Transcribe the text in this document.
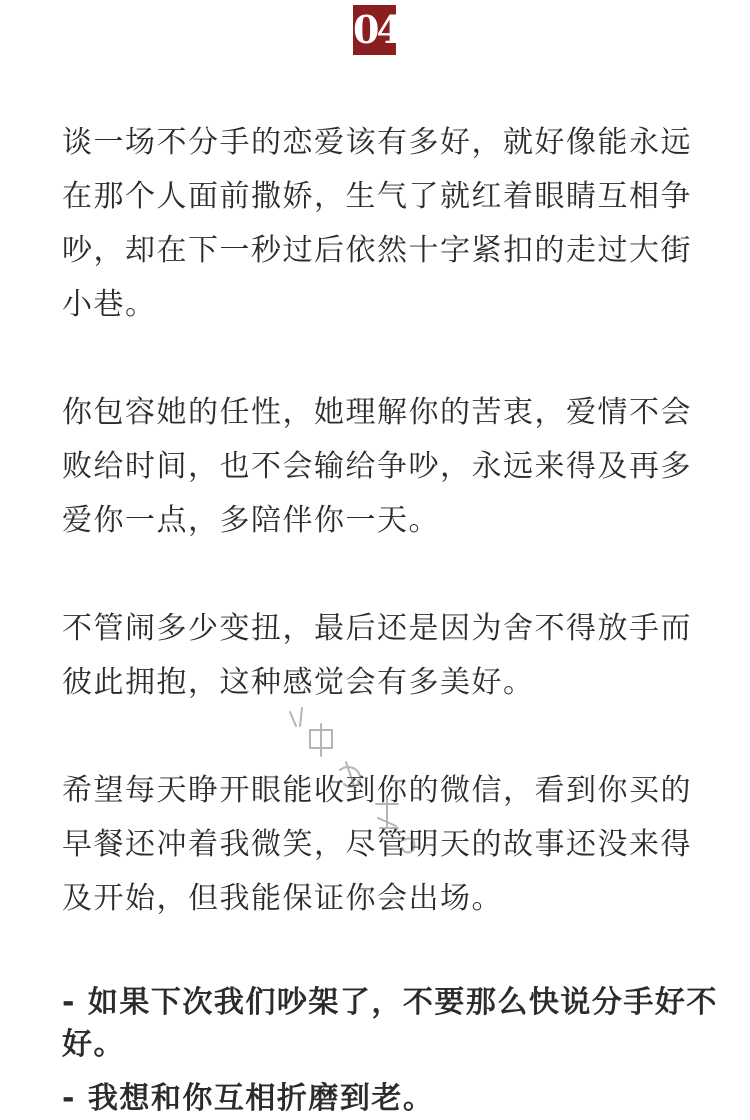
04

谈一场不分手的恋爱该有多好，就好像能永远
在那个人面前撒娇，生气了就红着眼睛互相争
吵，却在下一秒过后依然十字紧扣的走过大街
小巷。

你包容她的任性，她理解你的苦衷，爱情不会
败给时间，也不会输给争吵，永远来得及再多
爱你一点，多陪伴你一天。

不管闹多少变扭，最后还是因为舍不得放手而
彼此拥抱，这种感觉会有多美好。

希望每天睁开眼能收到你的微信，看到你买的
早餐还冲着我微笑，尽管明天的故事还没来得
及开始，但我能保证你会出场。

- 如果下次我们吵架了，不要那么快说分手好不
好。

- 我想和你互相折磨到老。
